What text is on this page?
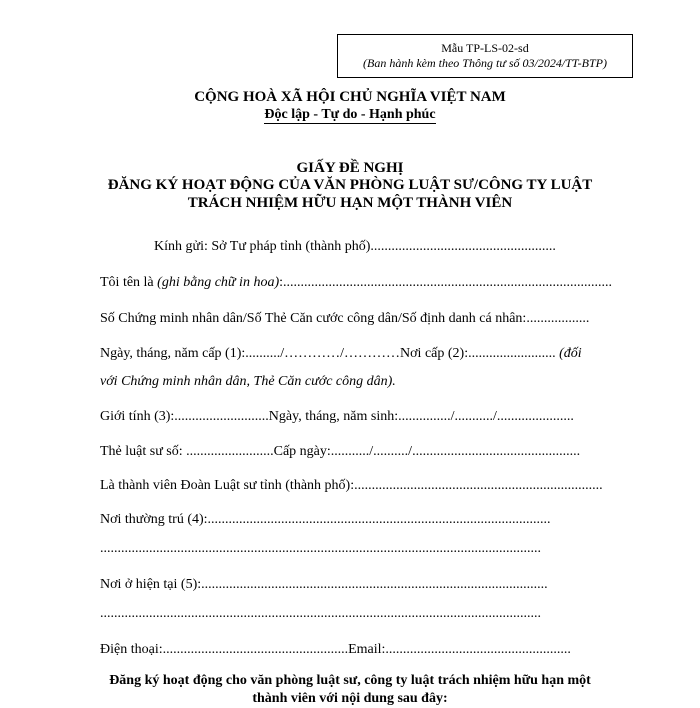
Mẫu TP-LS-02-sd
(Ban hành kèm theo Thông tư số 03/2024/TT-BTP)
CỘNG HOÀ XÃ HỘI CHỦ NGHĨA VIỆT NAM
Độc lập - Tự do - Hạnh phúc
GIẤY ĐỀ NGHỊ
ĐĂNG KÝ HOẠT ĐỘNG CỦA VĂN PHÒNG LUẬT SƯ/CÔNG TY LUẬT
TRÁCH NHIỆM HỮU HẠN MỘT THÀNH VIÊN
Kính gửi: Sở Tư pháp tỉnh (thành phố).....................................................
Tôi tên là (ghi bằng chữ in hoa):..............................................................................................
Số Chứng minh nhân dân/Số Thẻ Căn cước công dân/Số định danh cá nhân:..................
Ngày, tháng, năm cấp (1):........../…………/…………Nơi cấp (2):......................... (đối
với Chứng minh nhân dân, Thẻ Căn cước công dân).
Giới tính (3):...........................Ngày, tháng, năm sinh:.............../.........../......................
Thẻ luật sư số: .........................Cấp ngày:.........../........../................................................
Là thành viên Đoàn Luật sư tỉnh (thành phố):.......................................................................
Nơi thường trú (4):..................................................................................................
..............................................................................................................................
Nơi ở hiện tại (5):...................................................................................................
..............................................................................................................................
Điện thoại:.....................................................Email:.....................................................
Đăng ký hoạt động cho văn phòng luật sư, công ty luật trách nhiệm hữu hạn một
thành viên với nội dung sau đây:
